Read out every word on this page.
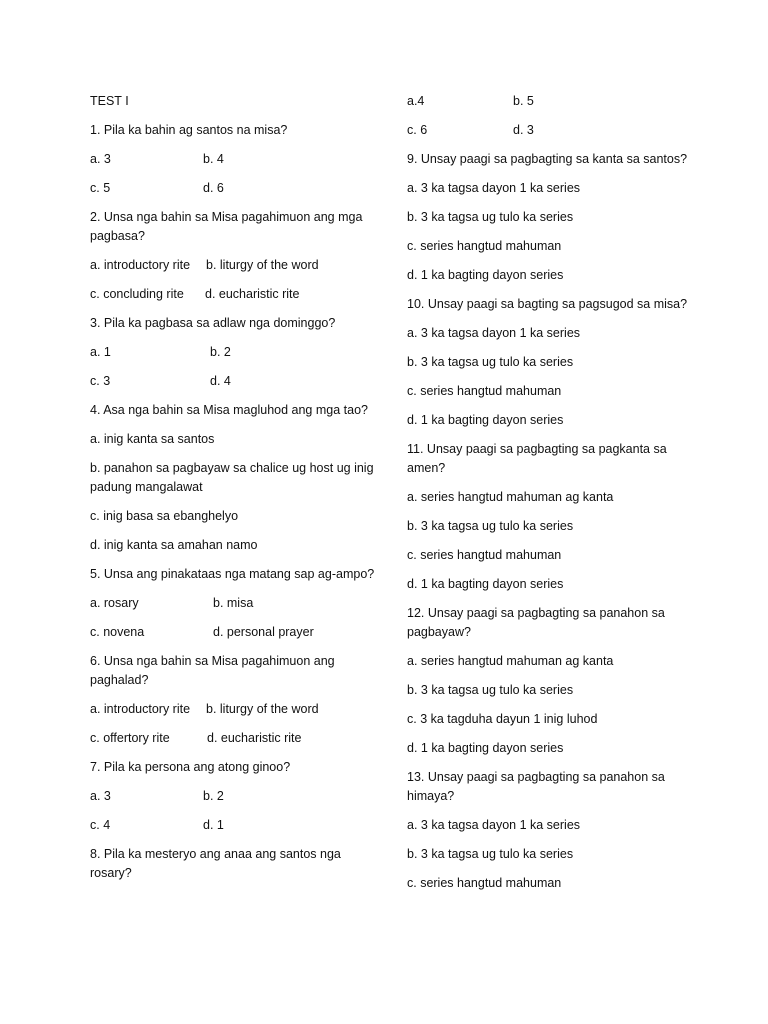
TEST I
1. Pila ka bahin ag santos na misa?
a. 3	b. 4
c. 5	d. 6
2. Unsa nga bahin sa Misa pagahimuon ang mga pagbasa?
a. introductory rite	b. liturgy of the word
c. concluding rite	d. eucharistic rite
3. Pila ka pagbasa sa adlaw nga dominggo?
a. 1	b. 2
c. 3	d. 4
4. Asa nga bahin sa Misa magluhod ang mga tao?
a. inig kanta sa santos
b. panahon sa pagbayaw sa chalice ug host ug inig padung mangalawat
c. inig basa sa ebanghelyo
d. inig kanta sa amahan namo
5. Unsa ang pinakataas nga matang sap ag-ampo?
a. rosary	b. misa
c. novena	d. personal prayer
6. Unsa nga bahin sa Misa pagahimuon ang paghalad?
a. introductory rite	b. liturgy of the word
c. offertory rite	d. eucharistic rite
7. Pila ka persona ang atong ginoo?
a. 3	b. 2
c. 4	d. 1
8. Pila ka mesteryo ang anaa ang santos nga rosary?
a.4	b. 5
c. 6	d. 3
9. Unsay paagi sa pagbagting sa kanta sa santos?
a. 3 ka tagsa dayon 1 ka series
b. 3 ka tagsa ug tulo ka series
c. series hangtud mahuman
d. 1 ka bagting dayon series
10. Unsay paagi sa bagting sa pagsugod sa misa?
a. 3 ka tagsa dayon 1 ka series
b. 3 ka tagsa ug tulo ka series
c. series hangtud mahuman
d. 1 ka bagting dayon series
11. Unsay paagi sa pagbagting sa pagkanta sa amen?
a. series hangtud mahuman ag kanta
b. 3 ka tagsa ug tulo ka series
c. series hangtud mahuman
d. 1 ka bagting dayon series
12. Unsay paagi sa pagbagting sa panahon sa pagbayaw?
a. series hangtud mahuman ag kanta
b. 3 ka tagsa ug tulo ka series
c. 3 ka tagduha dayun 1 inig luhod
d. 1 ka bagting dayon series
13. Unsay paagi sa pagbagting sa panahon sa himaya?
a. 3 ka tagsa dayon 1 ka series
b. 3 ka tagsa ug tulo ka series
c. series hangtud mahuman
